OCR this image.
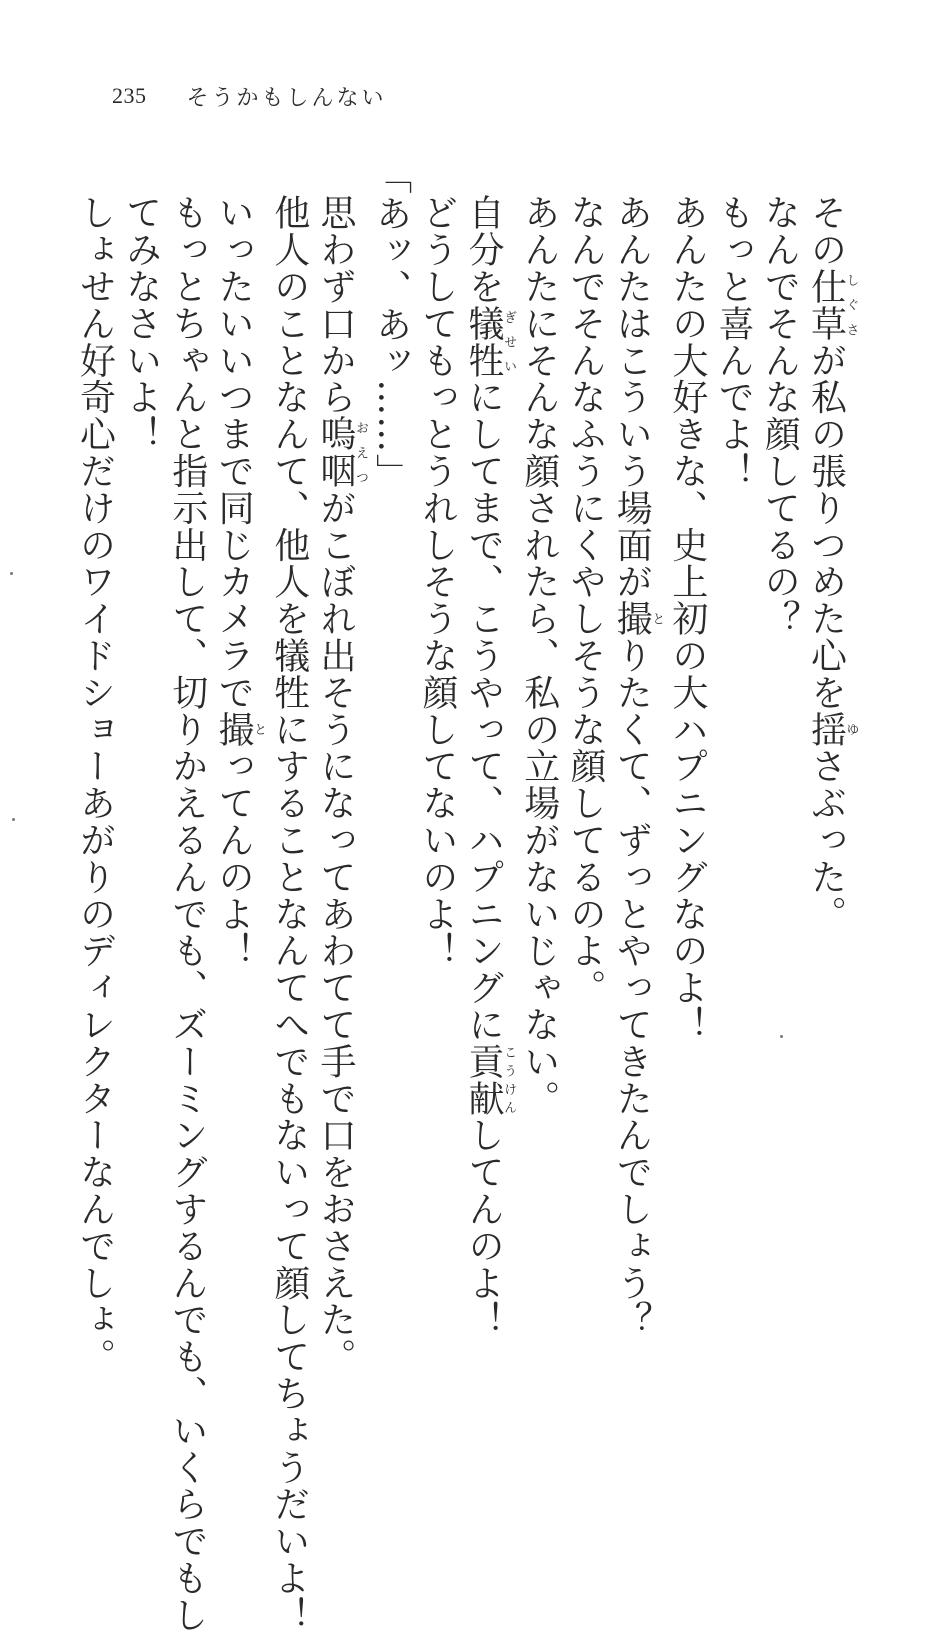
235 そうかもしんない

その仕草しぐさが私の張りつめた心を揺ゆさぶった。

なんでそんな顔してるの？

もっと喜んでよ！

あんたの大好きな、史上初の大ハプニングなのよ！

あんたはこういう場面が撮とりたくて、ずっとやってきたんでしょう？

なんでそんなふうにくやしそうな顔してるのよ。

あんたにそんな顔されたら、私の立場がないじゃない。

自分を犠牲ぎせいにしてまで、こうやって、ハプニングに貢献こうけんしてんのよ！

どうしてもっとうれしそうな顔してないのよ！

「あッ、あッ……」

思わず口から嗚咽おえつがこぼれ出そうになってあわてて手で口をおさえた。

他人のことなんて、他人を犠牲にすることなんてへでもないって顔してちょうだいよ！

いったいいつまで同じカメラで撮とってんのよ！

もっとちゃんと指示出して、切りかえるんでも、ズーミングするんでも、いくらでもし

てみなさいよ！

しょせん好奇心だけのワイドショーあがりのディレクターなんでしょ。
